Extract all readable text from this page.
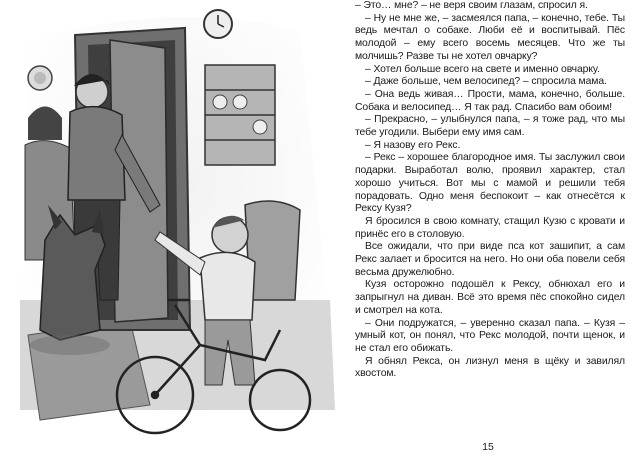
– Это… мне? – не веря своим глазам, спросил я.

– Ну не мне же, – засмеялся папа, – конечно, тебе. Ты ведь мечтал о собаке. Люби её и воспитывай. Пёс молодой – ему всего восемь месяцев. Что же ты молчишь? Разве ты не хотел овчарку?

– Хотел больше всего на свете и именно овчарку.

– Даже больше, чем велосипед? – спросила мама.

– Она ведь живая… Прости, мама, конечно, больше. Собака и велосипед… Я так рад. Спасибо вам обоим!

– Прекрасно, – улыбнулся папа, – я тоже рад, что мы тебе угодили. Выбери ему имя сам.

– Я назову его Рекс.

– Рекс – хорошее благородное имя. Ты заслужил свои подарки. Выработал волю, проявил характер, стал хорошо учиться. Вот мы с мамой и решили тебя порадовать. Одно меня беспокоит – как отнесётся к Рексу Кузя?

Я бросился в свою комнату, стащил Кузю с кровати и принёс его в столовую.

Все ожидали, что при виде пса кот зашипит, а сам Рекс залает и бросится на него. Но они оба повели себя весьма дружелюбно.

Кузя осторожно подошёл к Рексу, обнюхал его и запрыгнул на диван. Всё это время пёс спокойно сидел и смотрел на кота.

– Они подружатся, – уверенно сказал папа. – Кузя – умный кот, он понял, что Рекс молодой, почти щенок, и не стал его обижать.

Я обнял Рекса, он лизнул меня в щёку и завилял хвостом.

15
